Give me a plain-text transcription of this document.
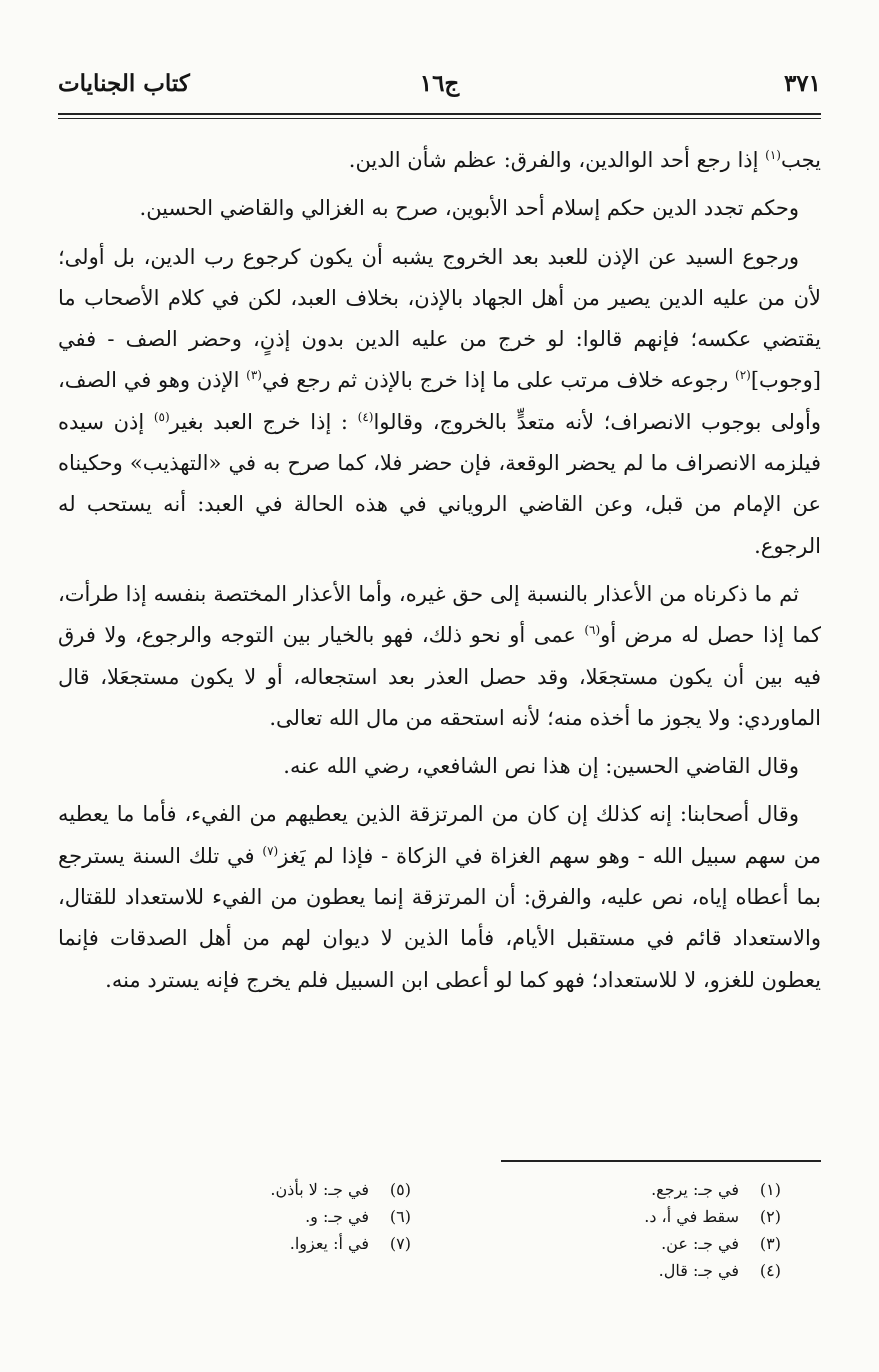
٣٧١
ج١٦
كتاب الجنايات

يجب$^{(١)}$ إذا رجع أحد الوالدين، والفرق: عظم شأن الدين.

وحكم تجدد الدين حكم إسلام أحد الأبوين، صرح به الغزالي والقاضي الحسين.

ورجوع السيد عن الإذن للعبد بعد الخروج يشبه أن يكون كرجوع رب الدين، بل أولى؛ لأن من عليه الدين يصير من أهل الجهاد بالإذن، بخلاف العبد، لكن في كلام الأصحاب ما يقتضي عكسه؛ فإنهم قالوا: لو خرج من عليه الدين بدون إذنٍ، وحضر الصف - ففي [وجوب]$^{(٢)}$ رجوعه خلاف مرتب على ما إذا خرج بالإذن ثم رجع في$^{(٣)}$ الإذن وهو في الصف، وأولى بوجوب الانصراف؛ لأنه متعدٍّ بالخروج، وقالوا$^{(٤)}$ : إذا خرج العبد بغير$^{(٥)}$ إذن سيده فيلزمه الانصراف ما لم يحضر الوقعة، فإن حضر فلا، كما صرح به في «التهذيب» وحكيناه عن الإمام من قبل، وعن القاضي الروياني في هذه الحالة في العبد: أنه يستحب له الرجوع.

ثم ما ذكرناه من الأعذار بالنسبة إلى حق غيره، وأما الأعذار المختصة بنفسه إذا طرأت، كما إذا حصل له مرض أو$^{(٦)}$ عمى أو نحو ذلك، فهو بالخيار بين التوجه والرجوع، ولا فرق فيه بين أن يكون مستجعَلا، وقد حصل العذر بعد استجعاله، أو لا يكون مستجعَلا، قال الماوردي: ولا يجوز ما أخذه منه؛ لأنه استحقه من مال الله تعالى.

وقال القاضي الحسين: إن هذا نص الشافعي، رضي الله عنه.

وقال أصحابنا: إنه كذلك إن كان من المرتزقة الذين يعطيهم من الفيء، فأما ما يعطيه من سهم سبيل الله - وهو سهم الغزاة في الزكاة - فإذا لم يَغز$^{(٧)}$ في تلك السنة يسترجع بما أعطاه إياه، نص عليه، والفرق: أن المرتزقة إنما يعطون من الفيء للاستعداد للقتال، والاستعداد قائم في مستقبل الأيام، فأما الذين لا ديوان لهم من أهل الصدقات فإنما يعطون للغزو، لا للاستعداد؛ فهو كما لو أعطى ابن السبيل فلم يخرج فإنه يسترد منه.

(١)
في جـ: يرجع.
(٢)
سقط في أ، د.
(٣)
في جـ: عن.
(٤)
في جـ: قال.
(٥)
في جـ: لا بأذن.
(٦)
في جـ: و.
(٧)
في أ: يعزوا.
